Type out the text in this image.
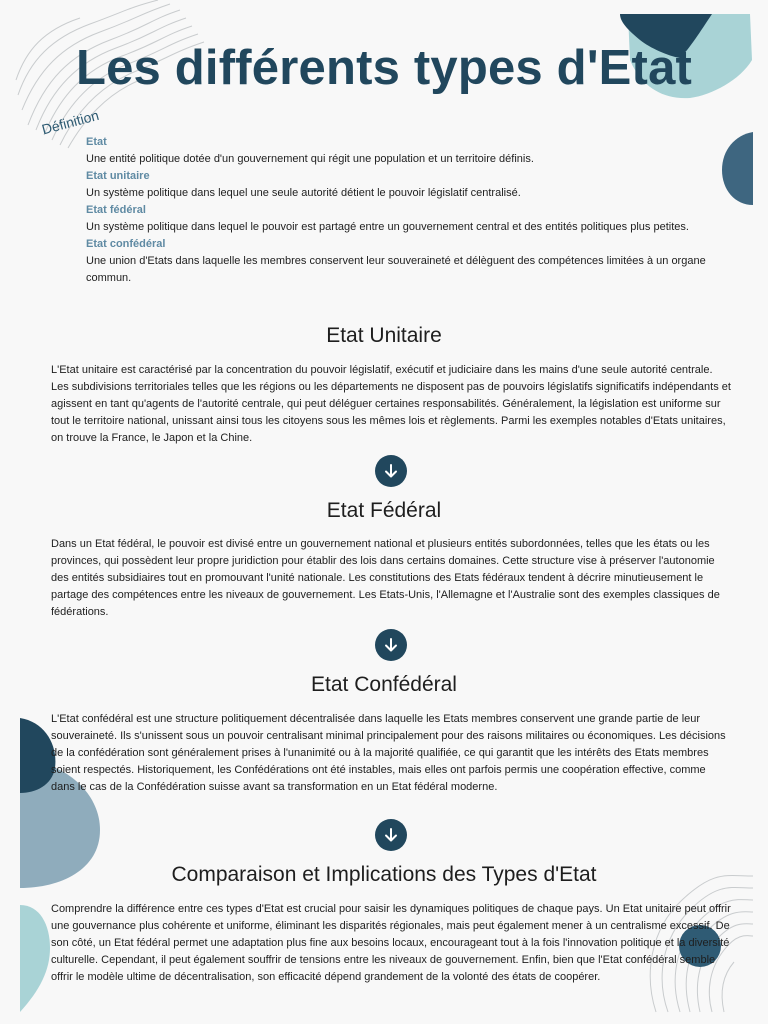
Les différents types d'Etat
Définition
Etat
Une entité politique dotée d'un gouvernement qui régit une population et un territoire définis.
Etat unitaire
Un système politique dans lequel une seule autorité détient le pouvoir législatif centralisé.
Etat fédéral
Un système politique dans lequel le pouvoir est partagé entre un gouvernement central et des entités politiques plus petites.
Etat confédéral
Une union d'Etats dans laquelle les membres conservent leur souveraineté et délèguent des compétences limitées à un organe commun.
Etat Unitaire

L'Etat unitaire est caractérisé par la concentration du pouvoir législatif, exécutif et judiciaire dans les mains d'une seule autorité centrale. Les subdivisions territoriales telles que les régions ou les départements ne disposent pas de pouvoirs législatifs significatifs indépendants et agissent en tant qu'agents de l'autorité centrale, qui peut déléguer certaines responsabilités. Généralement, la législation est uniforme sur tout le territoire national, unissant ainsi tous les citoyens sous les mêmes lois et règlements. Parmi les exemples notables d'Etats unitaires, on trouve la France, le Japon et la Chine.

Etat Fédéral

Dans un Etat fédéral, le pouvoir est divisé entre un gouvernement national et plusieurs entités subordonnées, telles que les états ou les provinces, qui possèdent leur propre juridiction pour établir des lois dans certains domaines. Cette structure vise à préserver l'autonomie des entités subsidiaires tout en promouvant l'unité nationale. Les constitutions des Etats fédéraux tendent à décrire minutieusement le partage des compétences entre les niveaux de gouvernement. Les Etats-Unis, l'Allemagne et l'Australie sont des exemples classiques de fédérations.

Etat Confédéral

L'Etat confédéral est une structure politiquement décentralisée dans laquelle les Etats membres conservent une grande partie de leur souveraineté. Ils s'unissent sous un pouvoir centralisant minimal principalement pour des raisons militaires ou économiques. Les décisions de la confédération sont généralement prises à l'unanimité ou à la majorité qualifiée, ce qui garantit que les intérêts des Etats membres soient respectés. Historiquement, les Confédérations ont été instables, mais elles ont parfois permis une coopération effective, comme dans le cas de la Confédération suisse avant sa transformation en un Etat fédéral moderne.

Comparaison et Implications des Types d'Etat

Comprendre la différence entre ces types d'Etat est crucial pour saisir les dynamiques politiques de chaque pays. Un Etat unitaire peut offrir une gouvernance plus cohérente et uniforme, éliminant les disparités régionales, mais peut également mener à un centralisme excessif. De son côté, un Etat fédéral permet une adaptation plus fine aux besoins locaux, encourageant tout à la fois l'innovation politique et la diversité culturelle. Cependant, il peut également souffrir de tensions entre les niveaux de gouvernement. Enfin, bien que l'Etat confédéral semble offrir le modèle ultime de décentralisation, son efficacité dépend grandement de la volonté des états de coopérer.
